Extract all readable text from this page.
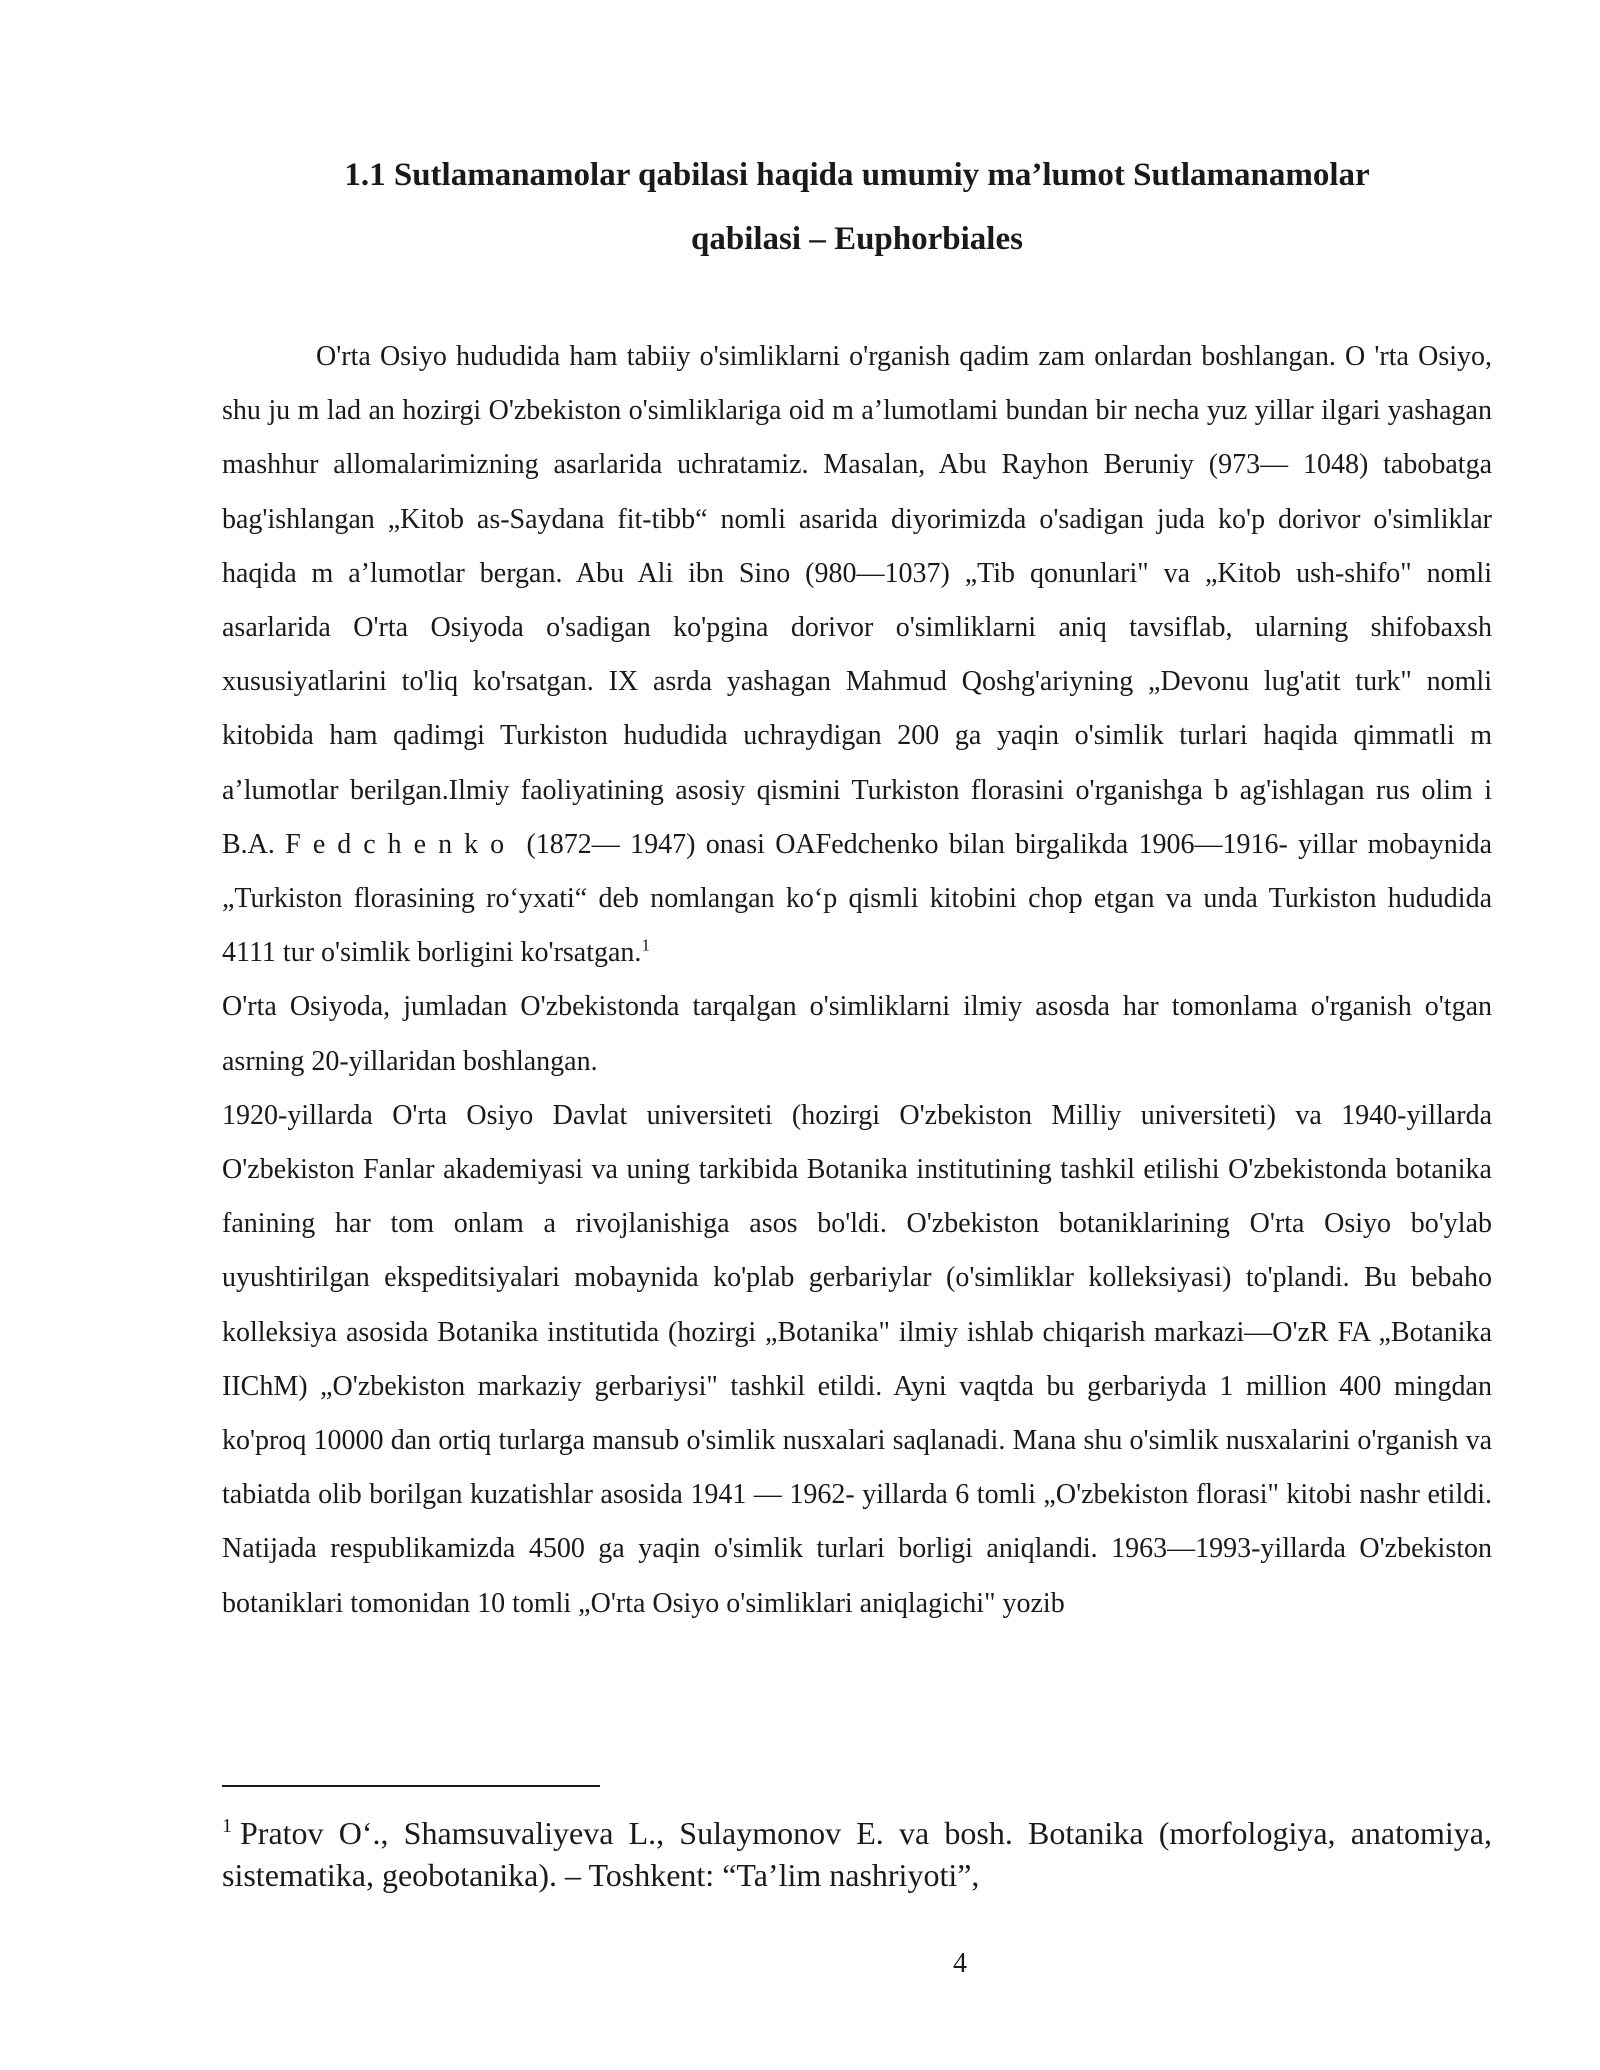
1.1 Sutlamanamolar qabilasi haqida umumiy ma’lumot Sutlamanamolar
qabilasi – Euphorbiales

O'rta Osiyo hududida ham tabiiy o'simliklarni o'rganish qadim zam onlardan boshlangan. O 'rta Osiyo, shu ju m lad an hozirgi O'zbekiston o'simliklariga oid m a’lumotlami bundan bir necha yuz yillar ilgari yashagan mashhur allomalarimizning asarlarida uchratamiz. Masalan, Abu Rayhon Beruniy (973— 1048) tabobatga bag'ishlangan „Kitob as-Saydana fit-tibb“ nomli asarida diyorimizda o'sadigan juda ko'p dorivor o'simliklar haqida m a’lumotlar bergan. Abu Ali ibn Sino (980—1037) „Tib qonunlari" va „Kitob ush-shifo" nomli asarlarida O'rta Osiyoda o'sadigan ko'pgina dorivor o'simliklarni aniq tavsiflab, ularning shifobaxsh xususiyatlarini to'liq ko'rsatgan. IX asrda yashagan Mahmud Qoshg'ariyning „Devonu lug'atit turk" nomli kitobida ham qadimgi Turkiston hududida uchraydigan 200 ga yaqin o'simlik turlari haqida qimmatli m a’lumotlar berilgan.Ilmiy faoliyatining asosiy qismini Turkiston florasini o'rganishga b ag'ishlagan rus olim i B.A. Fedchenko (1872— 1947) onasi OAFedchenko bilan birgalikda 1906—1916- yillar mobaynida „Turkiston florasining ro‘yxati“ deb nomlangan ko‘p qismli kitobini chop etgan va unda Turkiston hududida 4111 tur o'simlik borligini ko'rsatgan.$^1$

O'rta Osiyoda, jumladan O'zbekistonda tarqalgan o'simliklarni ilmiy asosda har tomonlama o'rganish o'tgan asrning 20-yillaridan boshlangan.

1920-yillarda O'rta Osiyo Davlat universiteti (hozirgi O'zbekiston Milliy universiteti) va 1940-yillarda O'zbekiston Fanlar akademiyasi va uning tarkibida Botanika institutining tashkil etilishi O'zbekistonda botanika fanining har tom onlam a rivojlanishiga asos bo'ldi. O'zbekiston botaniklarining O'rta Osiyo bo'ylab uyushtirilgan ekspeditsiyalari mobaynida ko'plab gerbariylar (o'simliklar kolleksiyasi) to'plandi. Bu bebaho kolleksiya asosida Botanika institutida (hozirgi „Botanika" ilmiy ishlab chiqarish markazi—O'zR FA „Botanika IIChM) „O'zbekiston markaziy gerbariysi" tashkil etildi. Ayni vaqtda bu gerbariyda 1 million 400 mingdan ko'proq 10000 dan ortiq turlarga mansub o'simlik nusxalari saqlanadi. Mana shu o'simlik nusxalarini o'rganish va tabiatda olib borilgan kuzatishlar asosida 1941 — 1962- yillarda 6 tomli „O'zbekiston florasi" kitobi nashr etildi. Natijada respublikamizda 4500 ga yaqin o'simlik turlari borligi aniqlandi. 1963—1993-yillarda O'zbekiston botaniklari tomonidan 10 tomli „O'rta Osiyo o'simliklari aniqlagichi" yozib

$^1$ Pratov O‘., Shamsuvaliyeva L., Sulaymonov E. va bosh. Botanika (morfologiya, anatomiya, sistematika, geobotanika). – Toshkent: “Ta’lim nashriyoti”,

4
